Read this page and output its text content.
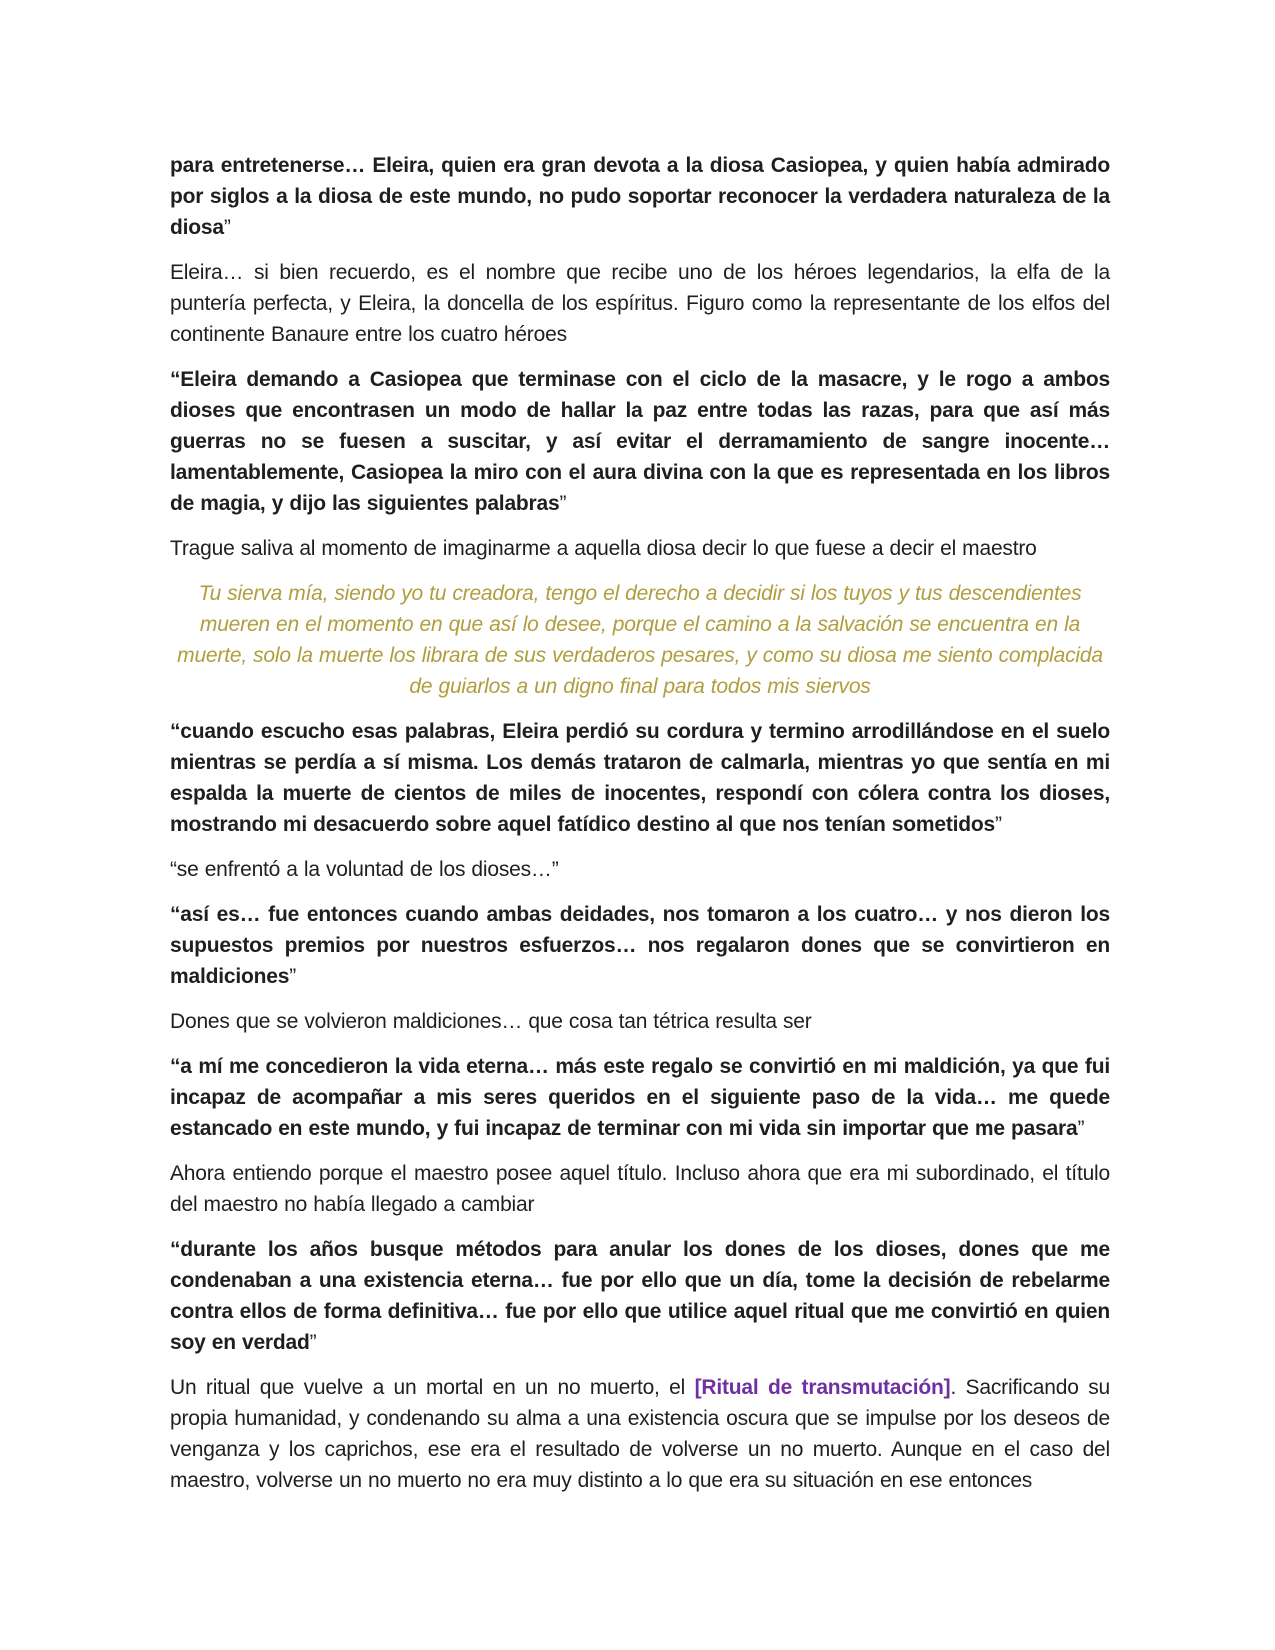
para entretenerse… Eleira, quien era gran devota a la diosa Casiopea, y quien había admirado por siglos a la diosa de este mundo, no pudo soportar reconocer la verdadera naturaleza de la diosa”

Eleira… si bien recuerdo, es el nombre que recibe uno de los héroes legendarios, la elfa de la puntería perfecta, y Eleira, la doncella de los espíritus. Figuro como la representante de los elfos del continente Banaure entre los cuatro héroes

“Eleira demando a Casiopea que terminase con el ciclo de la masacre, y le rogo a ambos dioses que encontrasen un modo de hallar la paz entre todas las razas, para que así más guerras no se fuesen a suscitar, y así evitar el derramamiento de sangre inocente… lamentablemente, Casiopea la miro con el aura divina con la que es representada en los libros de magia, y dijo las siguientes palabras”

Trague saliva al momento de imaginarme a aquella diosa decir lo que fuese a decir el maestro

Tu sierva mía, siendo yo tu creadora, tengo el derecho a decidir si los tuyos y tus descendientes mueren en el momento en que así lo desee, porque el camino a la salvación se encuentra en la muerte, solo la muerte los librara de sus verdaderos pesares, y como su diosa me siento complacida de guiarlos a un digno final para todos mis siervos

“cuando escucho esas palabras, Eleira perdió su cordura y termino arrodillándose en el suelo mientras se perdía a sí misma. Los demás trataron de calmarla, mientras yo que sentía en mi espalda la muerte de cientos de miles de inocentes, respondí con cólera contra los dioses, mostrando mi desacuerdo sobre aquel fatídico destino al que nos tenían sometidos”

“se enfrentó a la voluntad de los dioses…”

“así es… fue entonces cuando ambas deidades, nos tomaron a los cuatro… y nos dieron los supuestos premios por nuestros esfuerzos… nos regalaron dones que se convirtieron en maldiciones”

Dones que se volvieron maldiciones… que cosa tan tétrica resulta ser

“a mí me concedieron la vida eterna… más este regalo se convirtió en mi maldición, ya que fui incapaz de acompañar a mis seres queridos en el siguiente paso de la vida… me quede estancado en este mundo, y fui incapaz de terminar con mi vida sin importar que me pasara”

Ahora entiendo porque el maestro posee aquel título. Incluso ahora que era mi subordinado, el título del maestro no había llegado a cambiar

“durante los años busque métodos para anular los dones de los dioses, dones que me condenaban a una existencia eterna… fue por ello que un día, tome la decisión de rebelarme contra ellos de forma definitiva… fue por ello que utilice aquel ritual que me convirtió en quien soy en verdad”

Un ritual que vuelve a un mortal en un no muerto, el [Ritual de transmutación]. Sacrificando su propia humanidad, y condenando su alma a una existencia oscura que se impulse por los deseos de venganza y los caprichos, ese era el resultado de volverse un no muerto. Aunque en el caso del maestro, volverse un no muerto no era muy distinto a lo que era su situación en ese entonces
